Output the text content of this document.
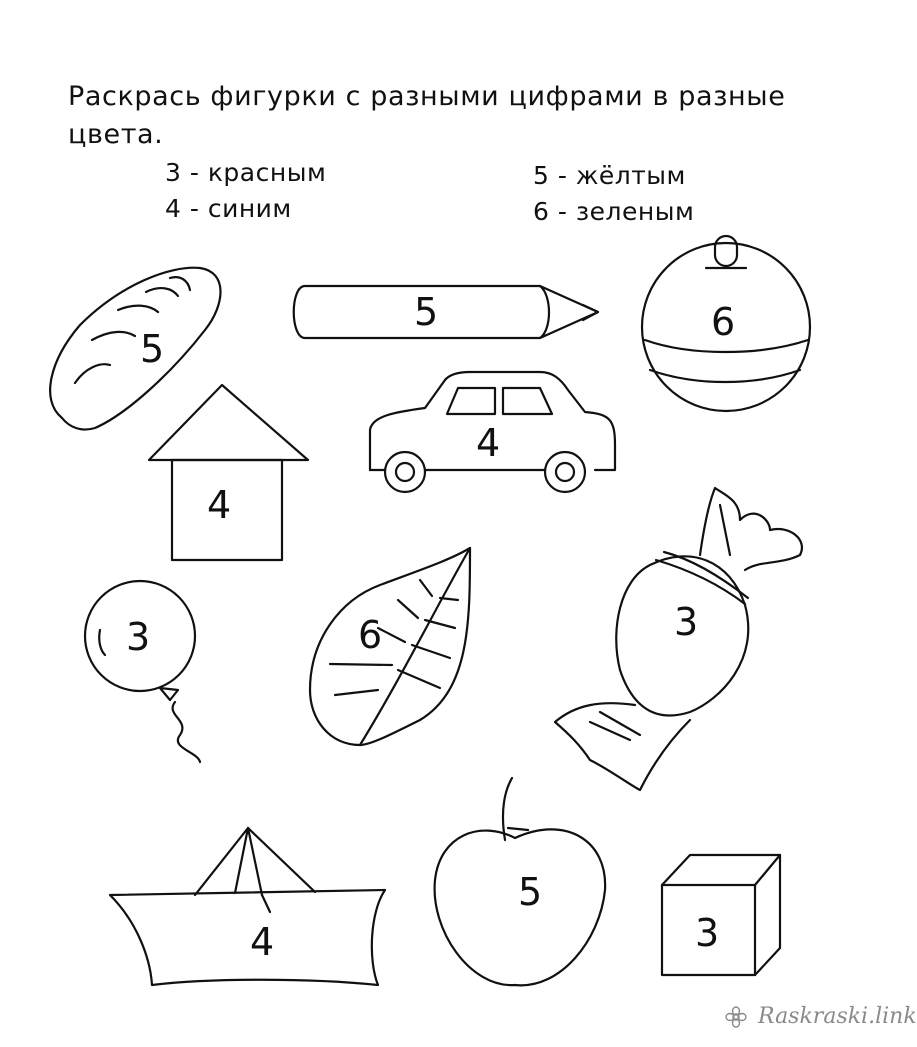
Раскрась фигурки с разными цифрами в разные цвета.
3 - красным
4 - синим
5 - жёлтым
6 - зеленым
5
5	6
4
4
3	6	3
4
5
3
Raskraski.link
